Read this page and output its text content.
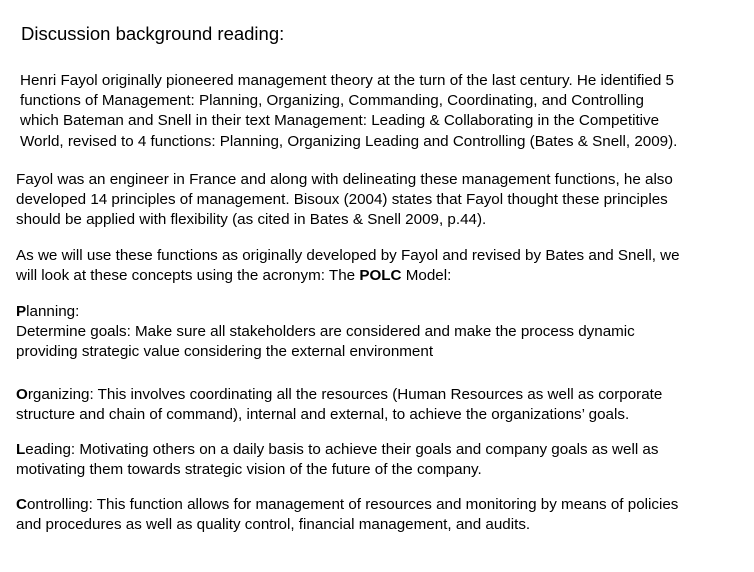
Discussion background reading:

Henri Fayol originally pioneered management theory at the turn of the last century. He identified 5
functions of Management: Planning, Organizing, Commanding, Coordinating, and Controlling
which Bateman and Snell in their text Management: Leading & Collaborating in the Competitive
World, revised to 4 functions: Planning, Organizing Leading and Controlling (Bates & Snell, 2009).

Fayol was an engineer in France and along with delineating these management functions, he also
developed 14 principles of management. Bisoux (2004) states that Fayol thought these principles
should be applied with flexibility (as cited in Bates & Snell 2009, p.44).

As we will use these functions as originally developed by Fayol and revised by Bates and Snell, we
will look at these concepts using the acronym: The POLC Model:

Planning:
Determine goals: Make sure all stakeholders are considered and make the process dynamic
providing strategic value considering the external environment

Organizing: This involves coordinating all the resources (Human Resources as well as corporate
structure and chain of command), internal and external, to achieve the organizations’ goals.

Leading: Motivating others on a daily basis to achieve their goals and company goals as well as
motivating them towards strategic vision of the future of the company.

Controlling: This function allows for management of resources and monitoring by means of policies
and procedures as well as quality control, financial management, and audits.
